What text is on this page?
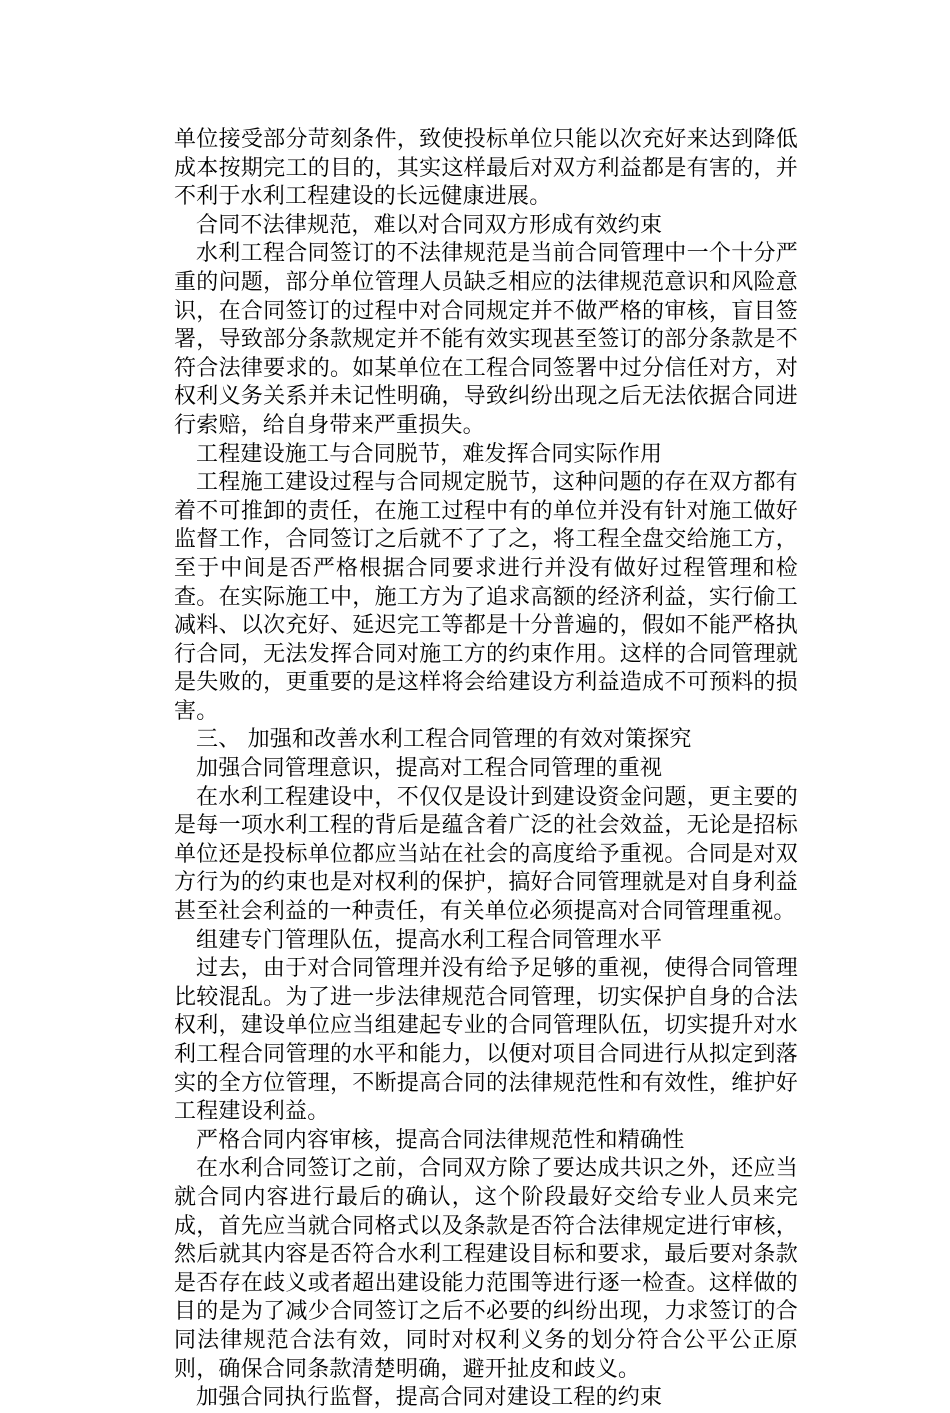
单位接受部分苛刻条件，致使投标单位只能以次充好来达到降低成本按期完工的目的，其实这样最后对双方利益都是有害的，并不利于水利工程建设的长远健康进展。

合同不法律规范，难以对合同双方形成有效约束

水利工程合同签订的不法律规范是当前合同管理中一个十分严重的问题，部分单位管理人员缺乏相应的法律规范意识和风险意识，在合同签订的过程中对合同规定并不做严格的审核，盲目签署，导致部分条款规定并不能有效实现甚至签订的部分条款是不符合法律要求的。如某单位在工程合同签署中过分信任对方，对权利义务关系并未记性明确，导致纠纷出现之后无法依据合同进行索赔，给自身带来严重损失。

工程建设施工与合同脱节，难发挥合同实际作用

工程施工建设过程与合同规定脱节，这种问题的存在双方都有着不可推卸的责任，在施工过程中有的单位并没有针对施工做好监督工作，合同签订之后就不了了之，将工程全盘交给施工方，至于中间是否严格根据合同要求进行并没有做好过程管理和检查。在实际施工中，施工方为了追求高额的经济利益，实行偷工减料、以次充好、延迟完工等都是十分普遍的，假如不能严格执行合同，无法发挥合同对施工方的约束作用。这样的合同管理就是失败的，更重要的是这样将会给建设方利益造成不可预料的损害。

三、 加强和改善水利工程合同管理的有效对策探究

加强合同管理意识，提高对工程合同管理的重视

在水利工程建设中，不仅仅是设计到建设资金问题，更主要的是每一项水利工程的背后是蕴含着广泛的社会效益，无论是招标单位还是投标单位都应当站在社会的高度给予重视。合同是对双方行为的约束也是对权利的保护，搞好合同管理就是对自身利益甚至社会利益的一种责任，有关单位必须提高对合同管理重视。

组建专门管理队伍，提高水利工程合同管理水平

过去，由于对合同管理并没有给予足够的重视，使得合同管理比较混乱。为了进一步法律规范合同管理，切实保护自身的合法权利，建设单位应当组建起专业的合同管理队伍，切实提升对水利工程合同管理的水平和能力，以便对项目合同进行从拟定到落实的全方位管理，不断提高合同的法律规范性和有效性，维护好工程建设利益。

严格合同内容审核，提高合同法律规范性和精确性

在水利合同签订之前，合同双方除了要达成共识之外，还应当就合同内容进行最后的确认，这个阶段最好交给专业人员来完成，首先应当就合同格式以及条款是否符合法律规定进行审核，然后就其内容是否符合水利工程建设目标和要求，最后要对条款是否存在歧义或者超出建设能力范围等进行逐一检查。这样做的目的是为了减少合同签订之后不必要的纠纷出现，力求签订的合同法律规范合法有效，同时对权利义务的划分符合公平公正原则，确保合同条款清楚明确，避开扯皮和歧义。

加强合同执行监督，提高合同对建设工程的约束
